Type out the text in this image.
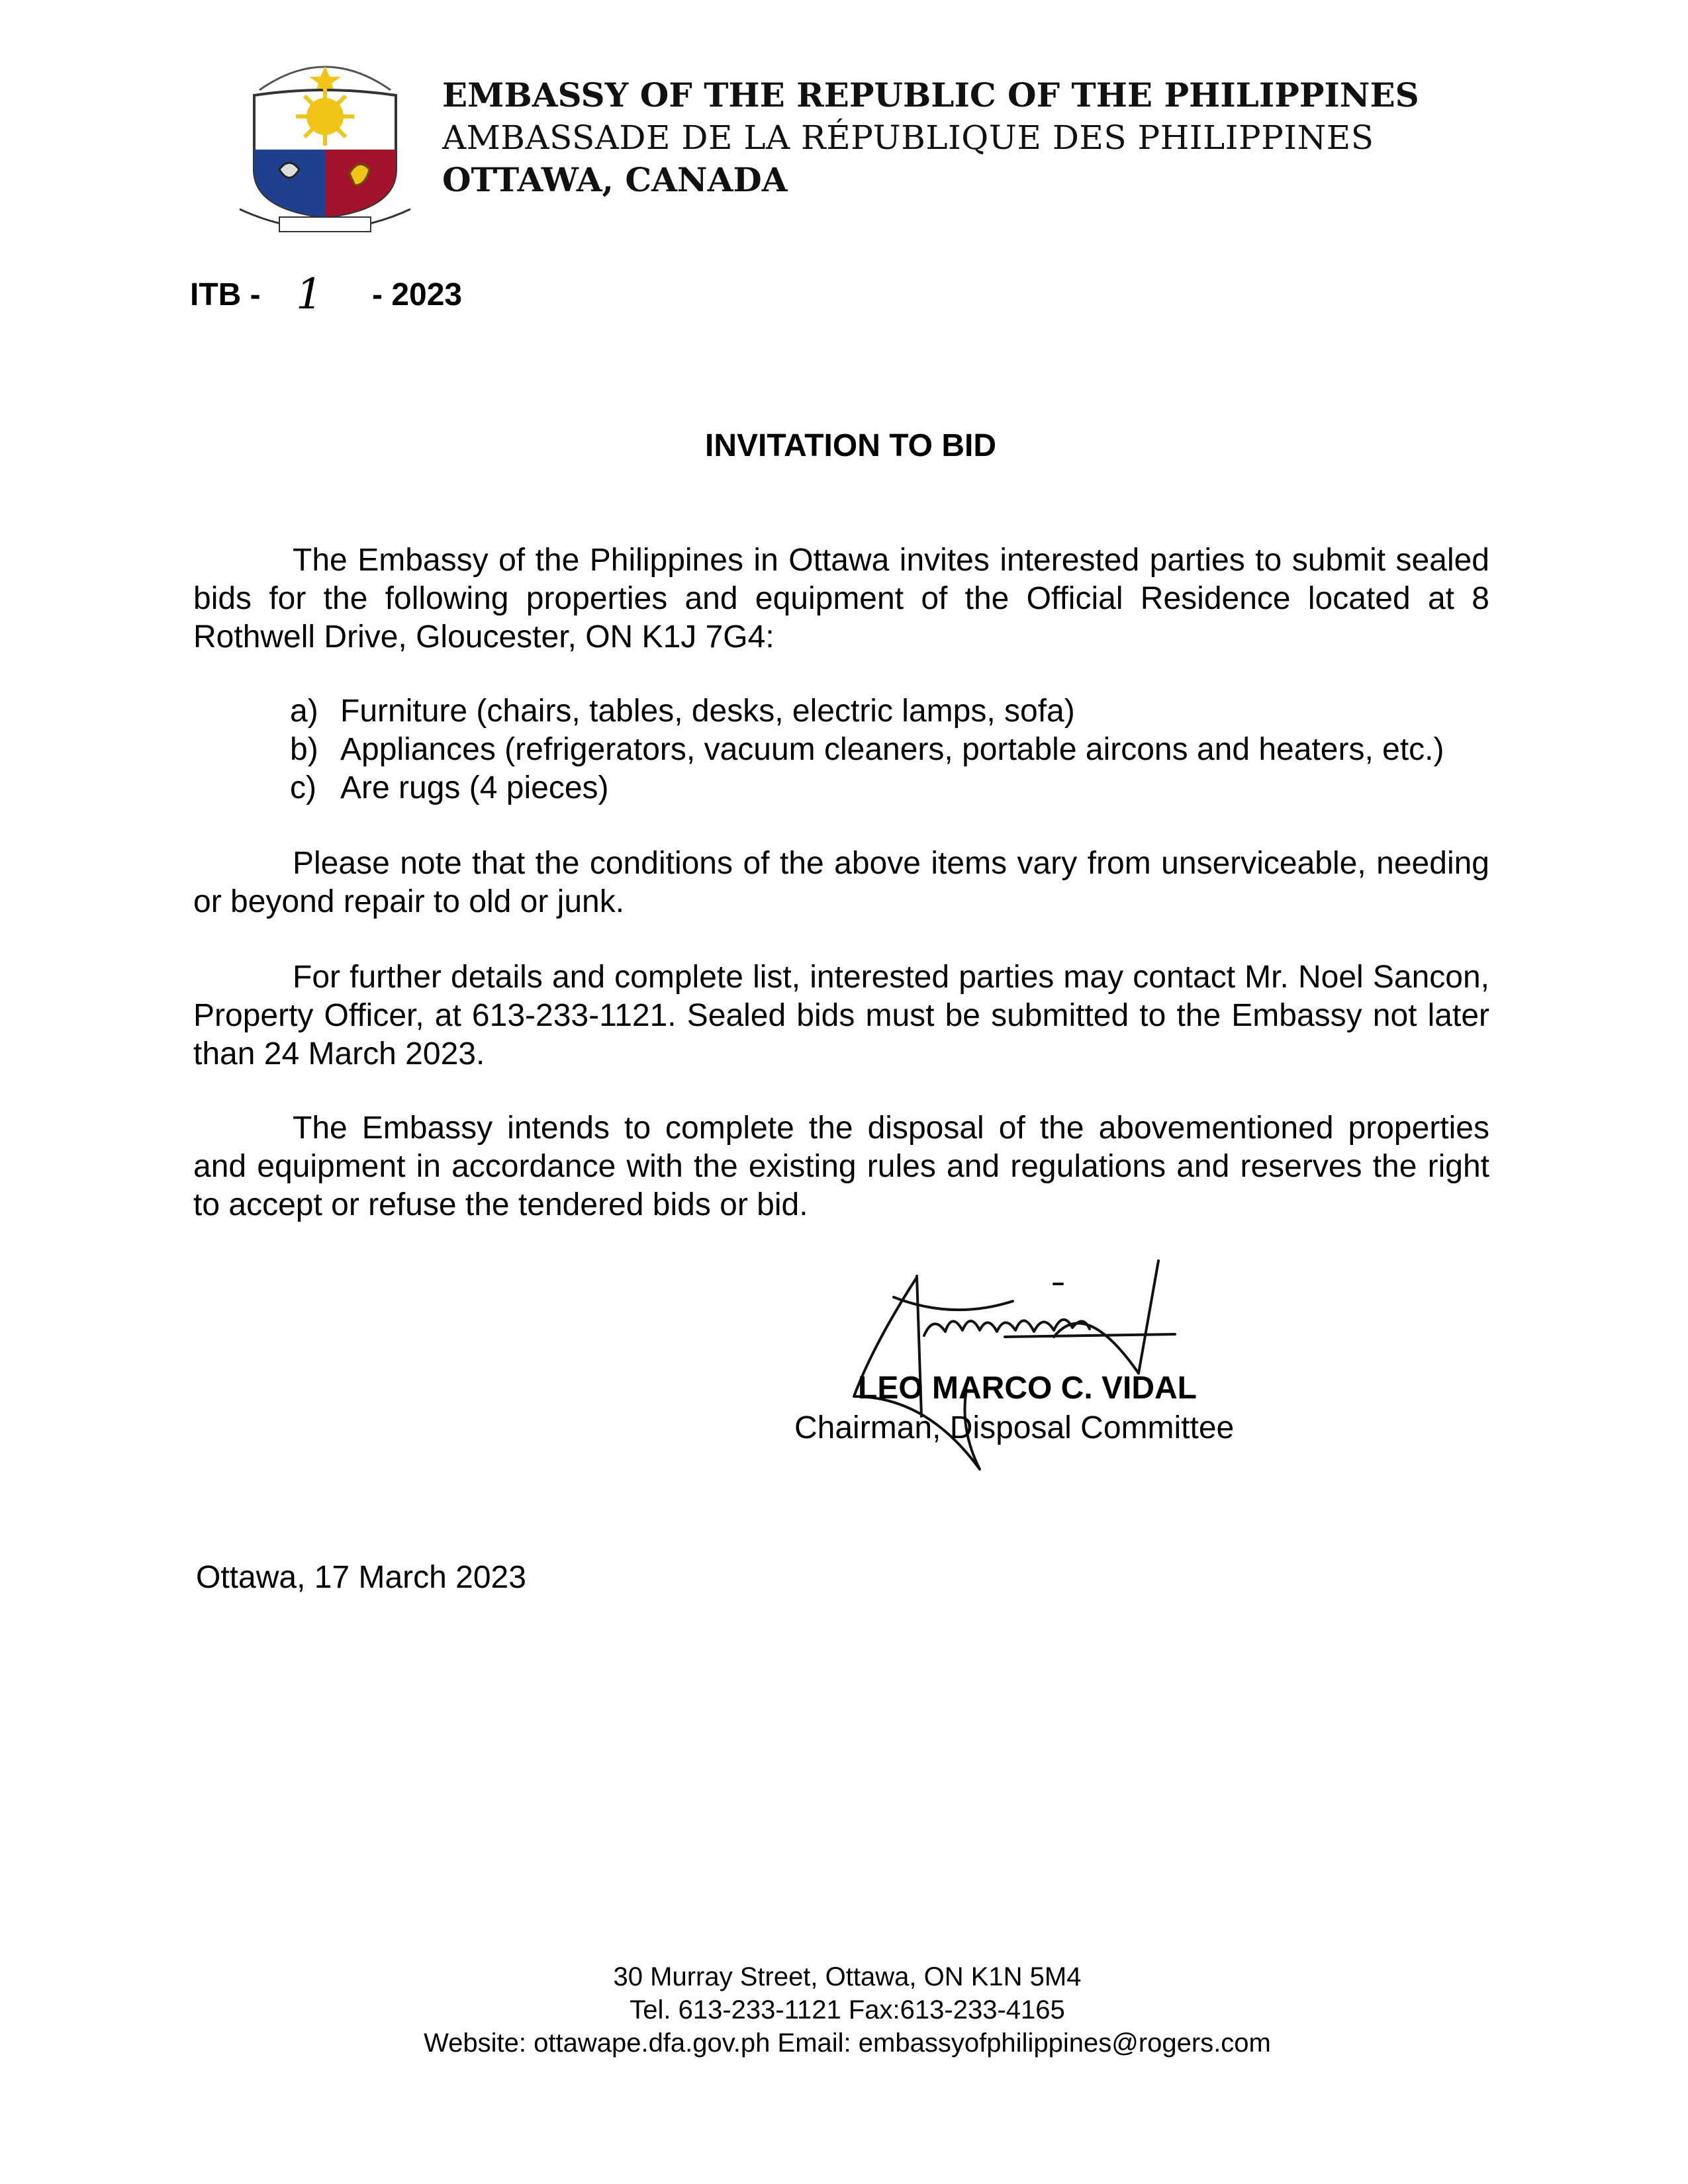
EMBASSY OF THE REPUBLIC OF THE PHILIPPINES
AMBASSADE DE LA RÉPUBLIQUE DES PHILIPPINES
OTTAWA, CANADA
ITB - 1 - 2023
INVITATION TO BID

The Embassy of the Philippines in Ottawa invites interested parties to submit sealed bids for the following properties and equipment of the Official Residence located at 8 Rothwell Drive, Gloucester, ON K1J 7G4:

a) Furniture (chairs, tables, desks, electric lamps, sofa)
b) Appliances (refrigerators, vacuum cleaners, portable aircons and heaters, etc.)
c) Are rugs (4 pieces)

Please note that the conditions of the above items vary from unserviceable, needing or beyond repair to old or junk.

For further details and complete list, interested parties may contact Mr. Noel Sancon, Property Officer, at 613-233-1121. Sealed bids must be submitted to the Embassy not later than 24 March 2023.

The Embassy intends to complete the disposal of the abovementioned properties and equipment in accordance with the existing rules and regulations and reserves the right to accept or refuse the tendered bids or bid.

LEO MARCO C. VIDAL
Chairman, Disposal Committee
Ottawa, 17 March 2023
30 Murray Street, Ottawa, ON K1N 5M4
Tel. 613-233-1121 Fax:613-233-4165
Website: ottawape.dfa.gov.ph Email: embassyofphilippines@rogers.com
